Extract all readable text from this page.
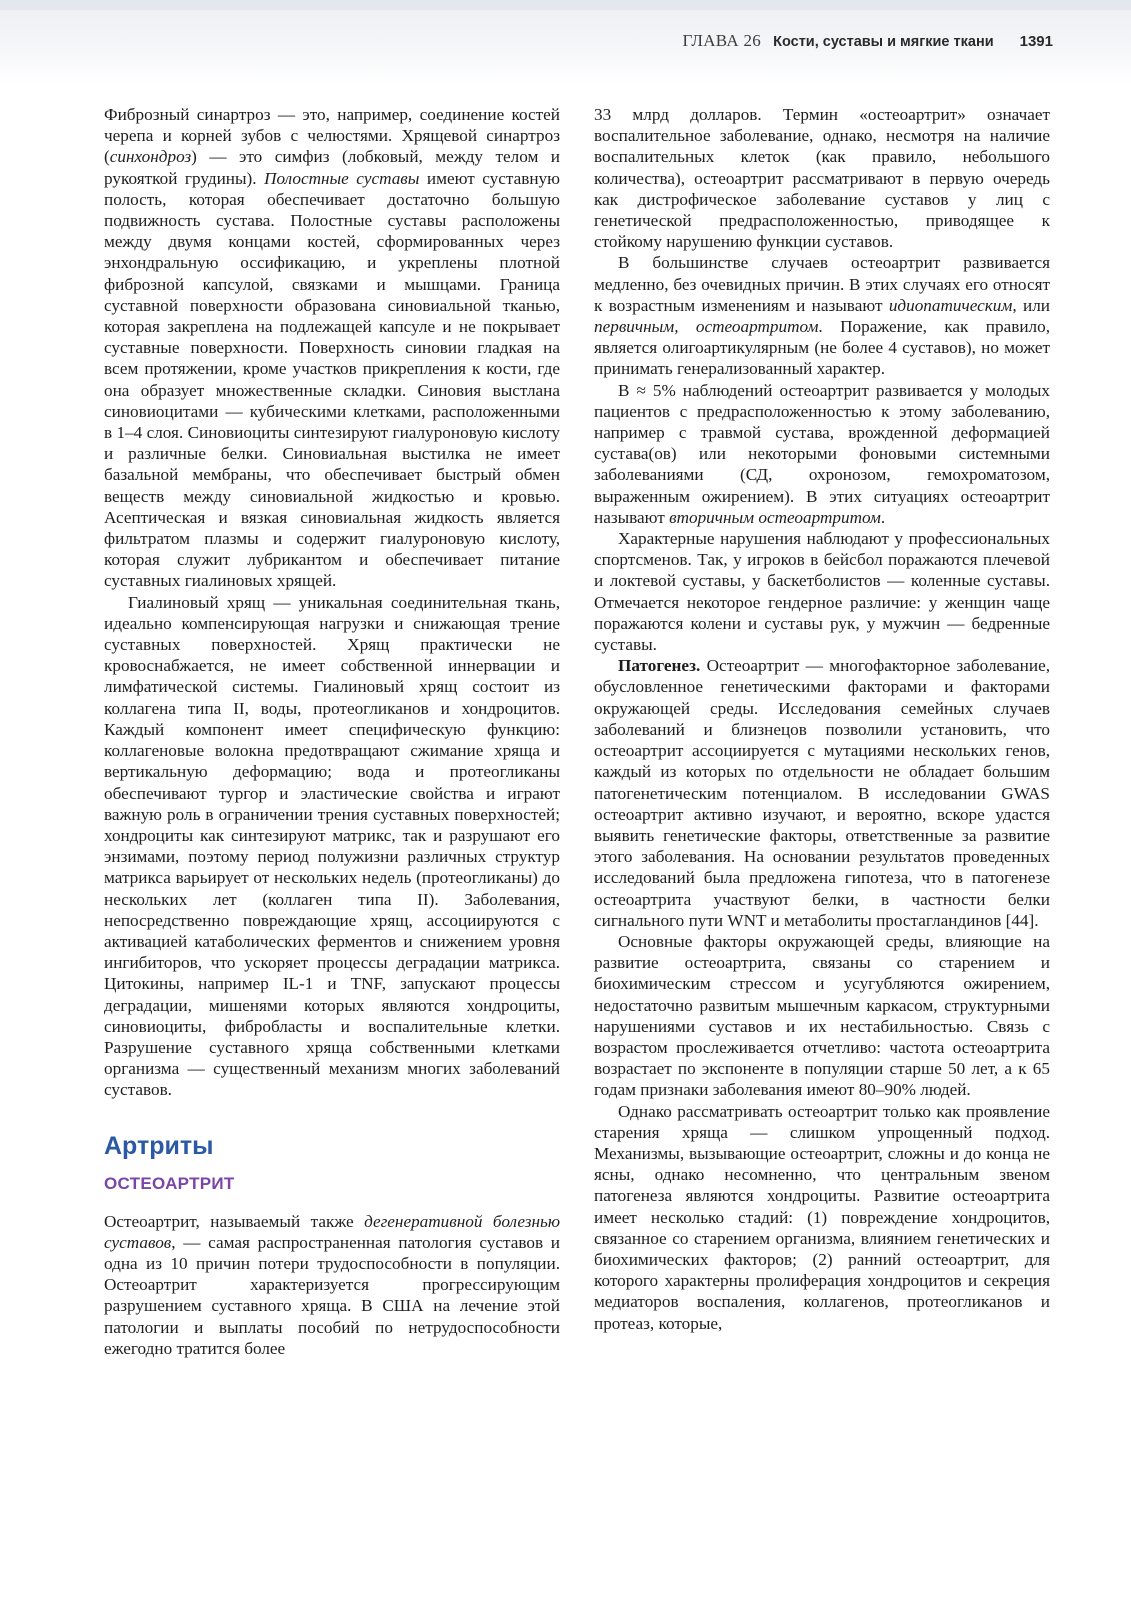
ГЛАВА 26 Кости, суставы и мягкие ткани 1391

Фиброзный синартроз — это, например, соединение костей черепа и корней зубов с челюстями. Хрящевой синартроз (синхондроз) — это симфиз (лобковый, между телом и рукояткой грудины). Полостные суставы имеют суставную полость, которая обеспечивает достаточно большую подвижность сустава. Полостные суставы расположены между двумя концами костей, сформированных через энхондральную оссификацию, и укреплены плотной фиброзной капсулой, связками и мышцами. Граница суставной поверхности образована синовиальной тканью, которая закреплена на подлежащей капсуле и не покрывает суставные поверхности. Поверхность синовии гладкая на всем протяжении, кроме участков прикрепления к кости, где она образует множественные складки. Синовия выстлана синовиоцитами — кубическими клетками, расположенными в 1–4 слоя. Синовиоциты синтезируют гиалуроновую кислоту и различные белки. Синовиальная выстилка не имеет базальной мембраны, что обеспечивает быстрый обмен веществ между синовиальной жидкостью и кровью. Асептическая и вязкая синовиальная жидкость является фильтратом плазмы и содержит гиалуроновую кислоту, которая служит лубрикантом и обеспечивает питание суставных гиалиновых хрящей.

Гиалиновый хрящ — уникальная соединительная ткань, идеально компенсирующая нагрузки и снижающая трение суставных поверхностей. Хрящ практически не кровоснабжается, не имеет собственной иннервации и лимфатической системы. Гиалиновый хрящ состоит из коллагена типа II, воды, протеогликанов и хондроцитов. Каждый компонент имеет специфическую функцию: коллагеновые волокна предотвращают сжимание хряща и вертикальную деформацию; вода и протеогликаны обеспечивают тургор и эластические свойства и играют важную роль в ограничении трения суставных поверхностей; хондроциты как синтезируют матрикс, так и разрушают его энзимами, поэтому период полужизни различных структур матрикса варьирует от нескольких недель (протеогликаны) до нескольких лет (коллаген типа II). Заболевания, непосредственно повреждающие хрящ, ассоциируются с активацией катаболических ферментов и снижением уровня ингибиторов, что ускоряет процессы деградации матрикса. Цитокины, например IL-1 и TNF, запускают процессы деградации, мишенями которых являются хондроциты, синовиоциты, фибробласты и воспалительные клетки. Разрушение суставного хряща собственными клетками организма — существенный механизм многих заболеваний суставов.

Артриты
ОСТЕОАРТРИТ

Остеоартрит, называемый также дегенеративной болезнью суставов, — самая распространенная патология суставов и одна из 10 причин потери трудоспособности в популяции. Остеоартрит характеризуется прогрессирующим разрушением суставного хряща. В США на лечение этой патологии и выплаты пособий по нетрудоспособности ежегодно тратится более

33 млрд долларов. Термин «остеоартрит» означает воспалительное заболевание, однако, несмотря на наличие воспалительных клеток (как правило, небольшого количества), остеоартрит рассматривают в первую очередь как дистрофическое заболевание суставов у лиц с генетической предрасположенностью, приводящее к стойкому нарушению функции суставов.

В большинстве случаев остеоартрит развивается медленно, без очевидных причин. В этих случаях его относят к возрастным изменениям и называют идиопатическим, или первичным, остеоартритом. Поражение, как правило, является олигоартикулярным (не более 4 суставов), но может принимать генерализованный характер.

В ≈ 5% наблюдений остеоартрит развивается у молодых пациентов с предрасположенностью к этому заболеванию, например с травмой сустава, врожденной деформацией сустава(ов) или некоторыми фоновыми системными заболеваниями (СД, охронозом, гемохроматозом, выраженным ожирением). В этих ситуациях остеоартрит называют вторичным остеоартритом.

Характерные нарушения наблюдают у профессиональных спортсменов. Так, у игроков в бейсбол поражаются плечевой и локтевой суставы, у баскетболистов — коленные суставы. Отмечается некоторое гендерное различие: у женщин чаще поражаются колени и суставы рук, у мужчин — бедренные суставы.

Патогенез. Остеоартрит — многофакторное заболевание, обусловленное генетическими факторами и факторами окружающей среды. Исследования семейных случаев заболеваний и близнецов позволили установить, что остеоартрит ассоциируется с мутациями нескольких генов, каждый из которых по отдельности не обладает большим патогенетическим потенциалом. В исследовании GWAS остеоартрит активно изучают, и вероятно, вскоре удастся выявить генетические факторы, ответственные за развитие этого заболевания. На основании результатов проведенных исследований была предложена гипотеза, что в патогенезе остеоартрита участвуют белки, в частности белки сигнального пути WNT и метаболиты простагландинов [44].

Основные факторы окружающей среды, влияющие на развитие остеоартрита, связаны со старением и биохимическим стрессом и усугубляются ожирением, недостаточно развитым мышечным каркасом, структурными нарушениями суставов и их нестабильностью. Связь с возрастом прослеживается отчетливо: частота остеоартрита возрастает по экспоненте в популяции старше 50 лет, а к 65 годам признаки заболевания имеют 80–90% людей.

Однако рассматривать остеоартрит только как проявление старения хряща — слишком упрощенный подход. Механизмы, вызывающие остеоартрит, сложны и до конца не ясны, однако несомненно, что центральным звеном патогенеза являются хондроциты. Развитие остеоартрита имеет несколько стадий: (1) повреждение хондроцитов, связанное со старением организма, влиянием генетических и биохимических факторов; (2) ранний остеоартрит, для которого характерны пролиферация хондроцитов и секреция медиаторов воспаления, коллагенов, протеогликанов и протеаз, которые,
